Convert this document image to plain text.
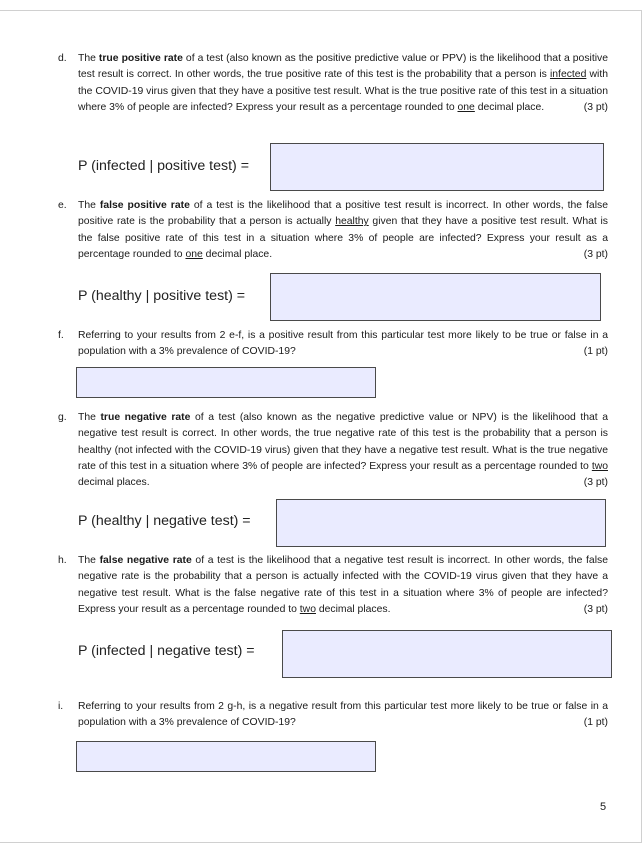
d. The true positive rate of a test (also known as the positive predictive value or PPV) is the likelihood that a positive test result is correct. In other words, the true positive rate of this test is the probability that a person is infected with the COVID-19 virus given that they have a positive test result. What is the true positive rate of this test in a situation where 3% of people are infected? Express your result as a percentage rounded to one decimal place.	(3 pt)
P (infected | positive test) =
e. The false positive rate of a test is the likelihood that a positive test result is incorrect. In other words, the false positive rate is the probability that a person is actually healthy given that they have a positive test result. What is the false positive rate of this test in a situation where 3% of people are infected? Express your result as a percentage rounded to one decimal place.	(3 pt)
P (healthy | positive test) =
f. Referring to your results from 2 e-f, is a positive result from this particular test more likely to be true or false in a population with a 3% prevalence of COVID-19?	(1 pt)
g. The true negative rate of a test (also known as the negative predictive value or NPV) is the likelihood that a negative test result is correct. In other words, the true negative rate of this test is the probability that a person is healthy (not infected with the COVID-19 virus) given that they have a negative test result. What is the true negative rate of this test in a situation where 3% of people are infected? Express your result as a percentage rounded to two decimal places.	(3 pt)
P (healthy | negative test) =
h. The false negative rate of a test is the likelihood that a negative test result is incorrect. In other words, the false negative rate is the probability that a person is actually infected with the COVID-19 virus given that they have a negative test result. What is the false negative rate of this test in a situation where 3% of people are infected? Express your result as a percentage rounded to two decimal places.	(3 pt)
P (infected | negative test) =
i. Referring to your results from 2 g-h, is a negative result from this particular test more likely to be true or false in a population with a 3% prevalence of COVID-19?	(1 pt)
5
